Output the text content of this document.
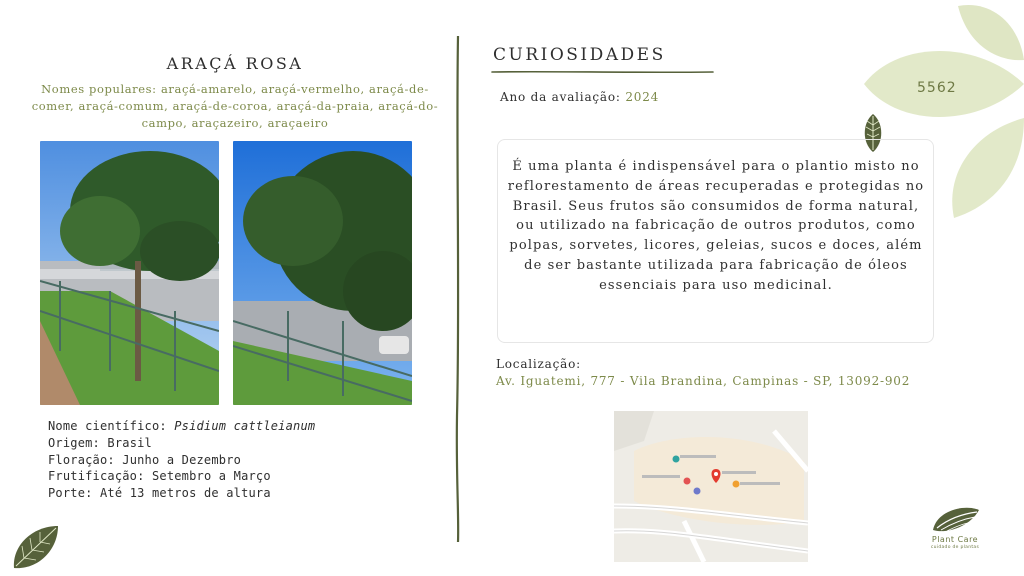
5562
ARAÇÁ ROSA
Nomes populares: araçá-amarelo, araçá-vermelho, araçá-de-comer, araçá-comum, araçá-de-coroa, araçá-da-praia, araçá-do-campo, araçazeiro, araçaeiro
Nome científico: Psidium cattleianum
Origem: Brasil
Floração: Junho a Dezembro
Frutificação: Setembro a Março
Porte: Até 13 metros de altura
CURIOSIDADES
Ano da avaliação: 2024
É uma planta é indispensável para o plantio misto no reflorestamento de áreas recuperadas e protegidas no Brasil. Seus frutos são consumidos de forma natural, ou utilizado na fabricação de outros produtos, como polpas, sorvetes, licores, geleias, sucos e doces, além de ser bastante utilizada para fabricação de óleos essenciais para uso medicinal.
Localização:
Av. Iguatemi, 777 - Vila Brandina, Campinas - SP, 13092-902
Plant Care
cuidado de plantas
